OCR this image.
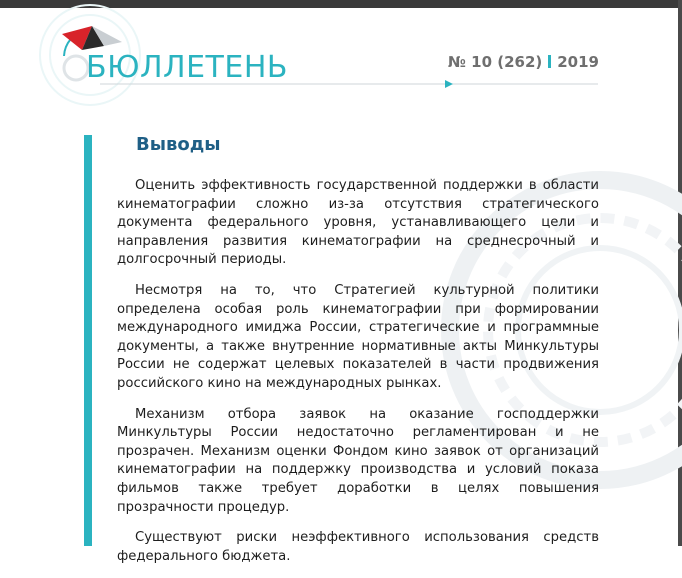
БЮЛЛЕТЕНЬ	№ 10 (262) 2019
Выводы

Оценить эффективность государственной поддержки в области кинематографии сложно из-за отсутствия стратегического документа федерального уровня, устанавливающего цели и направления развития кинематографии на среднесрочный и долгосрочный периоды.

Несмотря на то, что Стратегией культурной политики определена особая роль кинематографии при формировании международного имиджа России, стратегические и программные документы, а также внутренние нормативные акты Минкультуры России не содержат целевых показателей в части продвижения российского кино на международных рынках.

Механизм отбора заявок на оказание господдержки Минкультуры России недостаточно регламентирован и не прозрачен. Механизм оценки Фондом кино заявок от организаций кинематографии на поддержку производства и условий показа фильмов также требует доработки в целях повышения прозрачности процедур.

Существуют риски неэффективного использования средств федерального бюджета.
